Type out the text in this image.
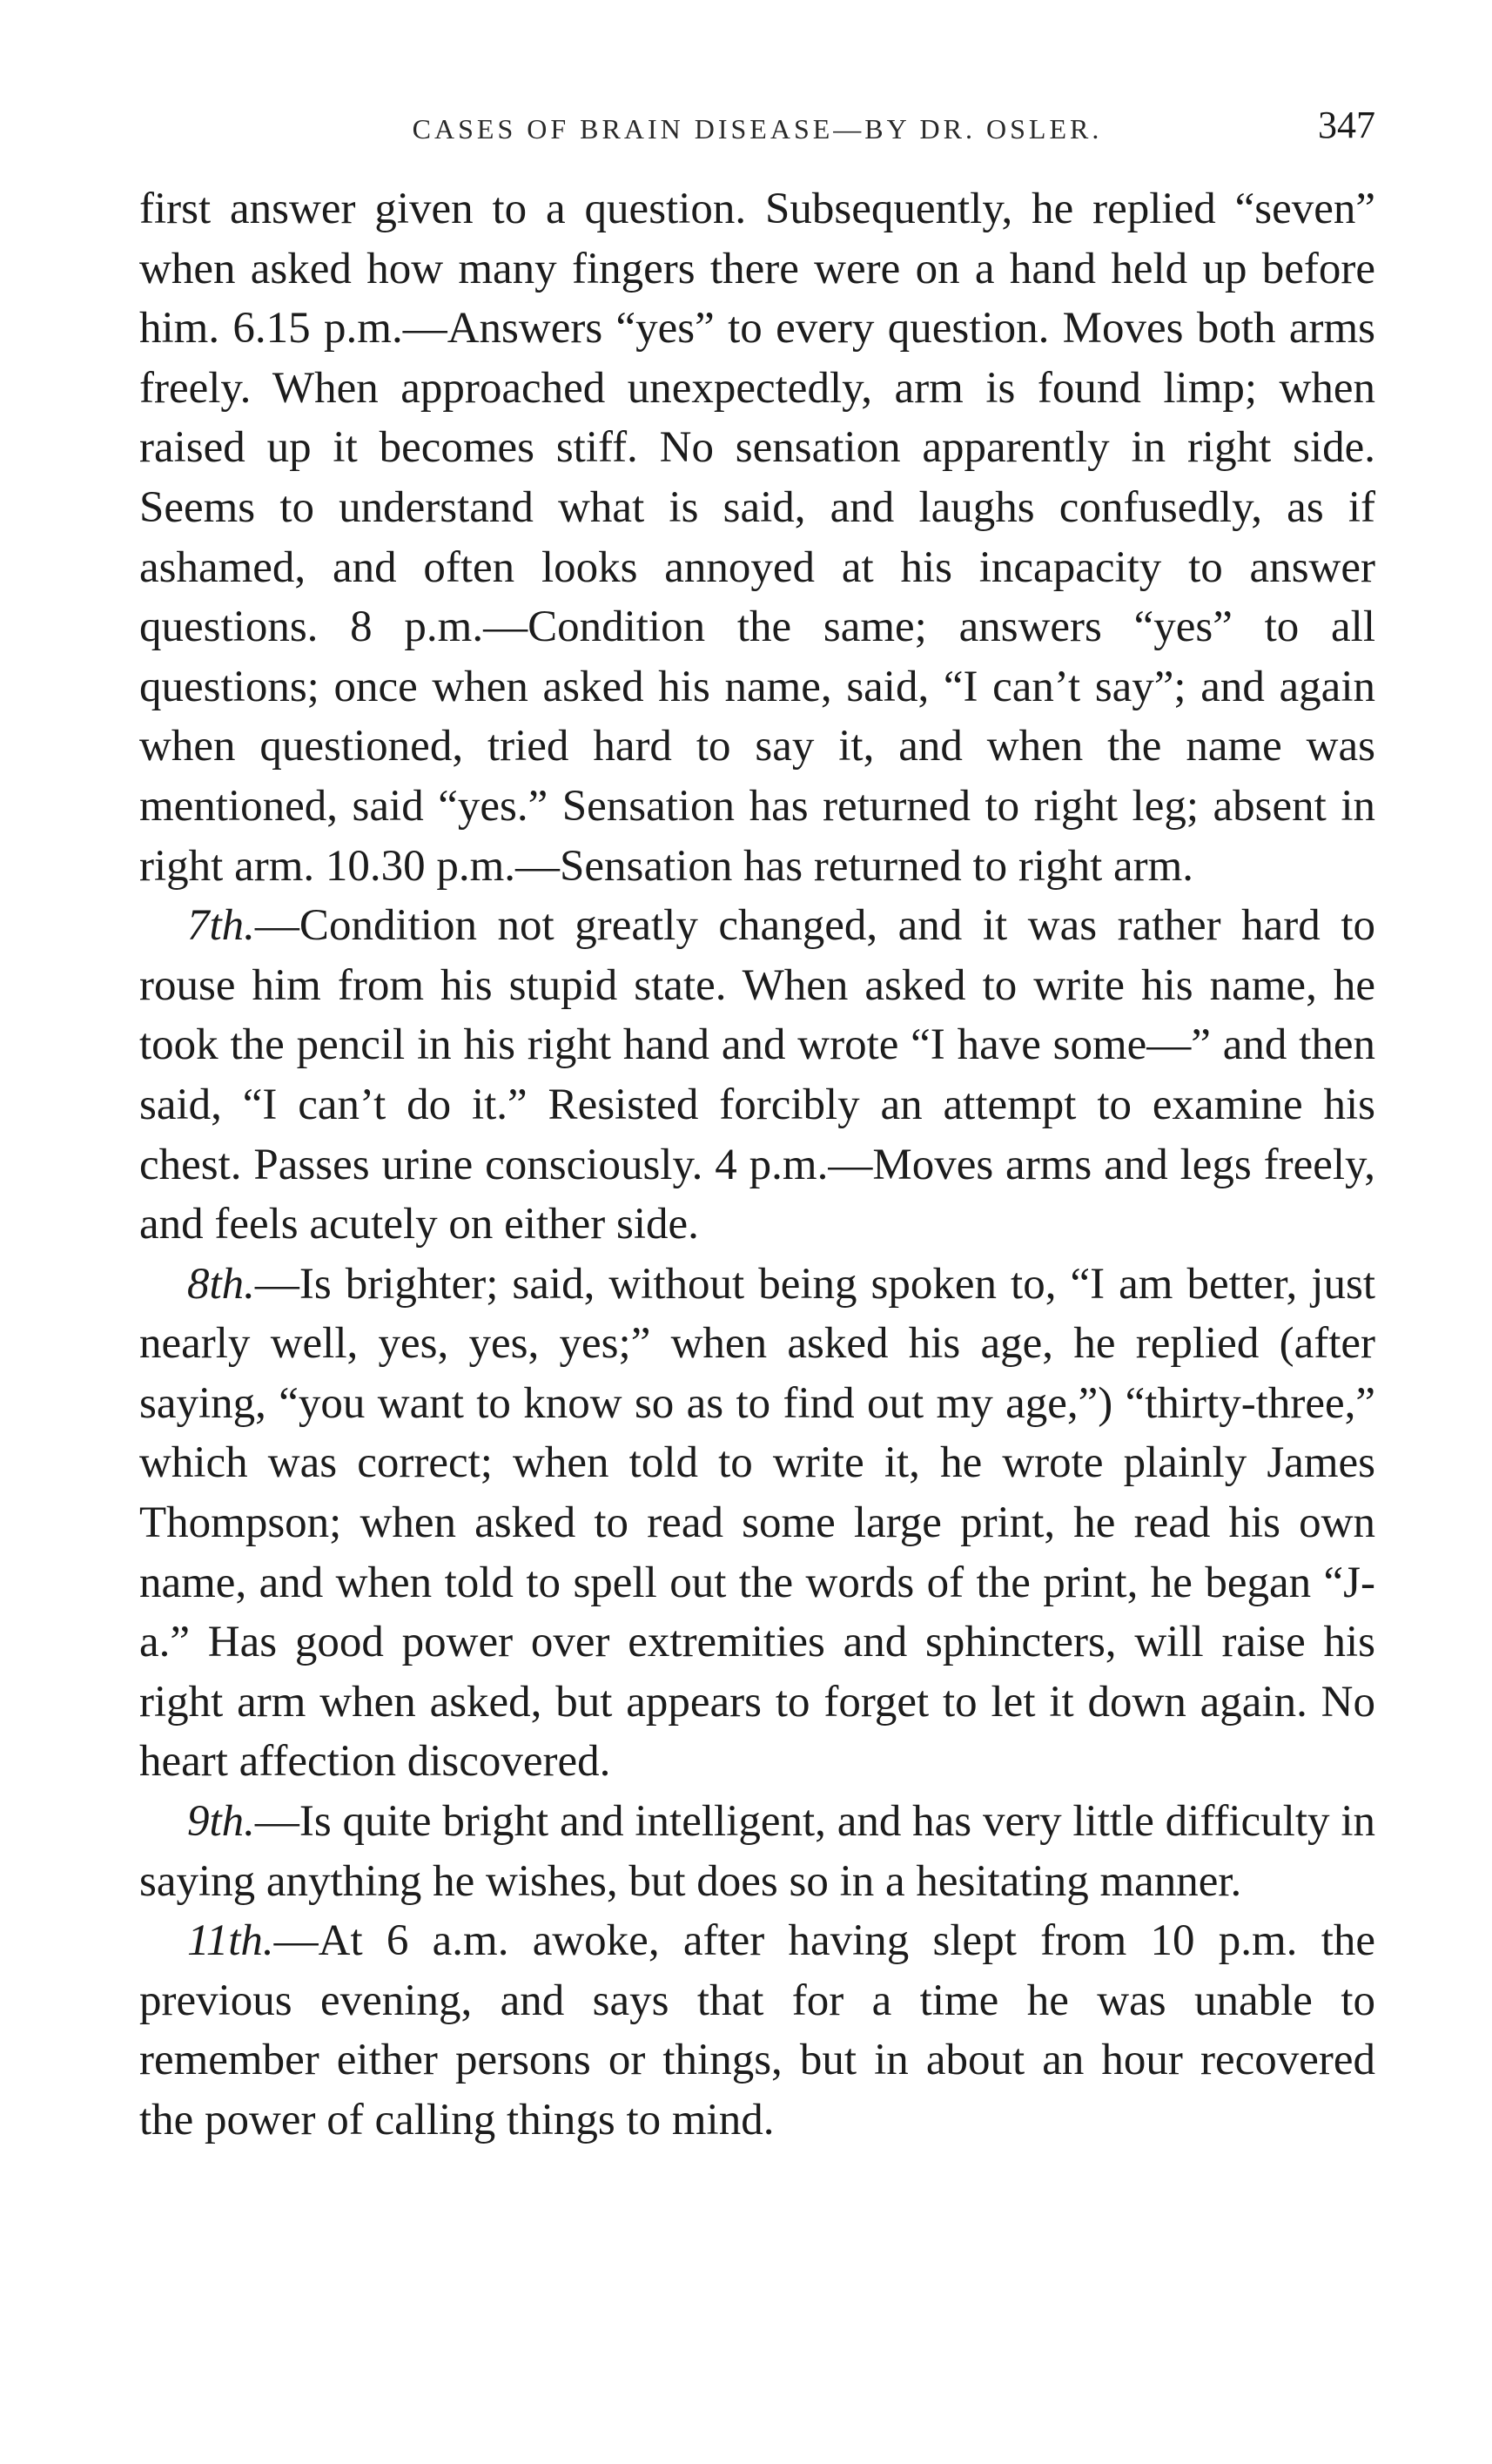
CASES OF BRAIN DISEASE—BY DR. OSLER.	347

first answer given to a question. Subsequently, he replied “seven” when asked how many fingers there were on a hand held up before him. 6.15 p.m.—Answers “yes” to every question. Moves both arms freely. When approached unexpectedly, arm is found limp; when raised up it becomes stiff. No sensation apparently in right side. Seems to understand what is said, and laughs confusedly, as if ashamed, and often looks annoyed at his incapacity to answer questions. 8 p.m.—Condition the same; answers “yes” to all questions; once when asked his name, said, “I can’t say”; and again when questioned, tried hard to say it, and when the name was mentioned, said “yes.” Sensation has returned to right leg; absent in right arm. 10.30 p.m.—Sensation has returned to right arm.

7th.—Condition not greatly changed, and it was rather hard to rouse him from his stupid state. When asked to write his name, he took the pencil in his right hand and wrote “I have some—” and then said, “I can’t do it.” Resisted forcibly an attempt to examine his chest. Passes urine consciously. 4 p.m.—Moves arms and legs freely, and feels acutely on either side.

8th.—Is brighter; said, without being spoken to, “I am better, just nearly well, yes, yes, yes;” when asked his age, he replied (after saying, “you want to know so as to find out my age,”) “thirty-three,” which was correct; when told to write it, he wrote plainly James Thompson; when asked to read some large print, he read his own name, and when told to spell out the words of the print, he began “J-a.” Has good power over extremities and sphincters, will raise his right arm when asked, but appears to forget to let it down again. No heart affection discovered.

9th.—Is quite bright and intelligent, and has very little difficulty in saying anything he wishes, but does so in a hesitating manner.

11th.—At 6 a.m. awoke, after having slept from 10 p.m. the previous evening, and says that for a time he was unable to remember either persons or things, but in about an hour recovered the power of calling things to mind.
